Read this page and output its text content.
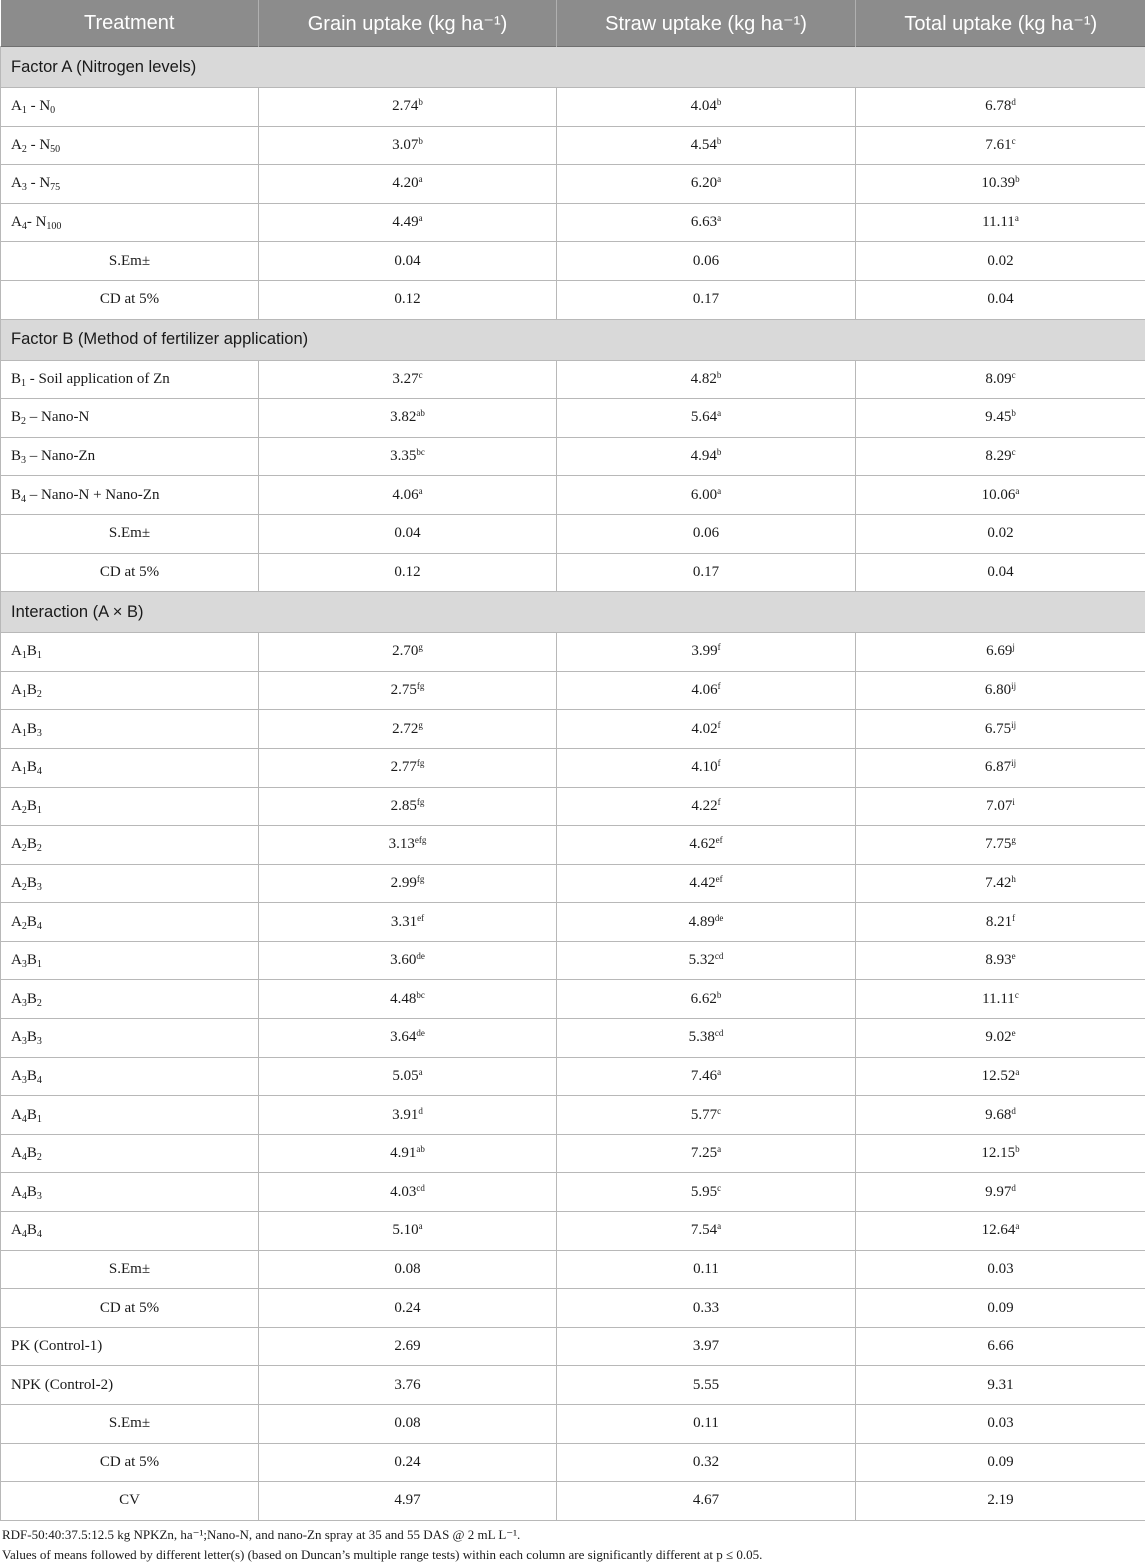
Treatment	Grain uptake (kg ha⁻¹)	Straw uptake (kg ha⁻¹)	Total uptake (kg ha⁻¹)
Factor A (Nitrogen levels)			
$A_1 - N_0$	2.74$^b$	4.04$^b$	6.78$^d$
$A_2 - N_{50}$	3.07$^b$	4.54$^b$	7.61$^c$
$A_3 - N_{75}$	4.20$^a$	6.20$^a$	10.39$^b$
$A_4-$ $N_{100}$	4.49$^a$	6.63$^a$	11.11$^a$
S.Em±	0.04	0.06	0.02
CD at 5%	0.12	0.17	0.04
Factor B (Method of fertilizer application)			
$B_1$ - Soil application of Zn	3.27$^c$	4.82$^b$	8.09$^c$
$B_2$ – Nano-N	3.82$^{ab}$	5.64$^a$	9.45$^b$
$B_3$ – Nano-Zn	3.35$^{bc}$	4.94$^b$	8.29$^c$
$B_4$ – Nano-N + Nano-Zn	4.06$^a$	6.00$^a$	10.06$^a$
S.Em±	0.04	0.06	0.02
CD at 5%	0.12	0.17	0.04
Interaction (A × B)			
$A_1B_1$	2.70$^g$	3.99$^f$	6.69$^j$
$A_1B_2$	2.75$^{fg}$	4.06$^f$	$6.80^{ij}$
$A_1B_3$	2.72$^g$	4.02$^f$	$6.75^{ij}$
$A_1B_4$	2.77$^{fg}$	4.10$^f$	$6.87^{ij}$
$A_2B_1$	2.85$^{fg}$	4.22$^f$	7.07$^i$
$A_2B_2$	3.13$^{efg}$	4.62$^{ef}$	7.75$^g$
$A_2B_3$	2.99$^{fg}$	4.42$^{ef}$	7.42$^h$
$A_2B_4$	3.31$^{ef}$	4.89de	8.21$^f$
$A_3B_1$	3.60de	5.32$^{cd}$	8.93e
$A_3B_2$	4.48$^{bc}$	6.62$^b$	11.11$^c$
$A_3B_3$	3.64de	5.38$^{cd}$	9.02e
$A_3B_4$	5.05$^a$	7.46$^a$	12.52$^a$
$A_4B_1$	3.91$^d$	5.77$^c$	9.68$^d$
$A_4B_2$	4.91$^{ab}$	7.25$^a$	12.15$^b$
$A_4B_3$	4.03$^{cd}$	5.95$^c$	9.97$^d$
$A_4B_4$	5.10$^a$	7.54$^a$	12.64$^a$
S.Em±	0.08	0.11	0.03
CD at 5%	0.24	0.33	0.09
PK (Control-1)	2.69	3.97	6.66
NPK (Control-2)	3.76	5.55	9.31
S.Em±	0.08	0.11	0.03
CD at 5%	0.24	0.32	0.09
CV	4.97	4.67	2.19

RDF-50:40:37.5:12.5 kg NPKZn, ha⁻¹;Nano-N, and nano-Zn spray at 35 and 55 DAS @ 2 mL L⁻¹.

Values of means followed by different letter(s) (based on Duncan’s multiple range tests) within each column are significantly different at p ≤ 0.05.
